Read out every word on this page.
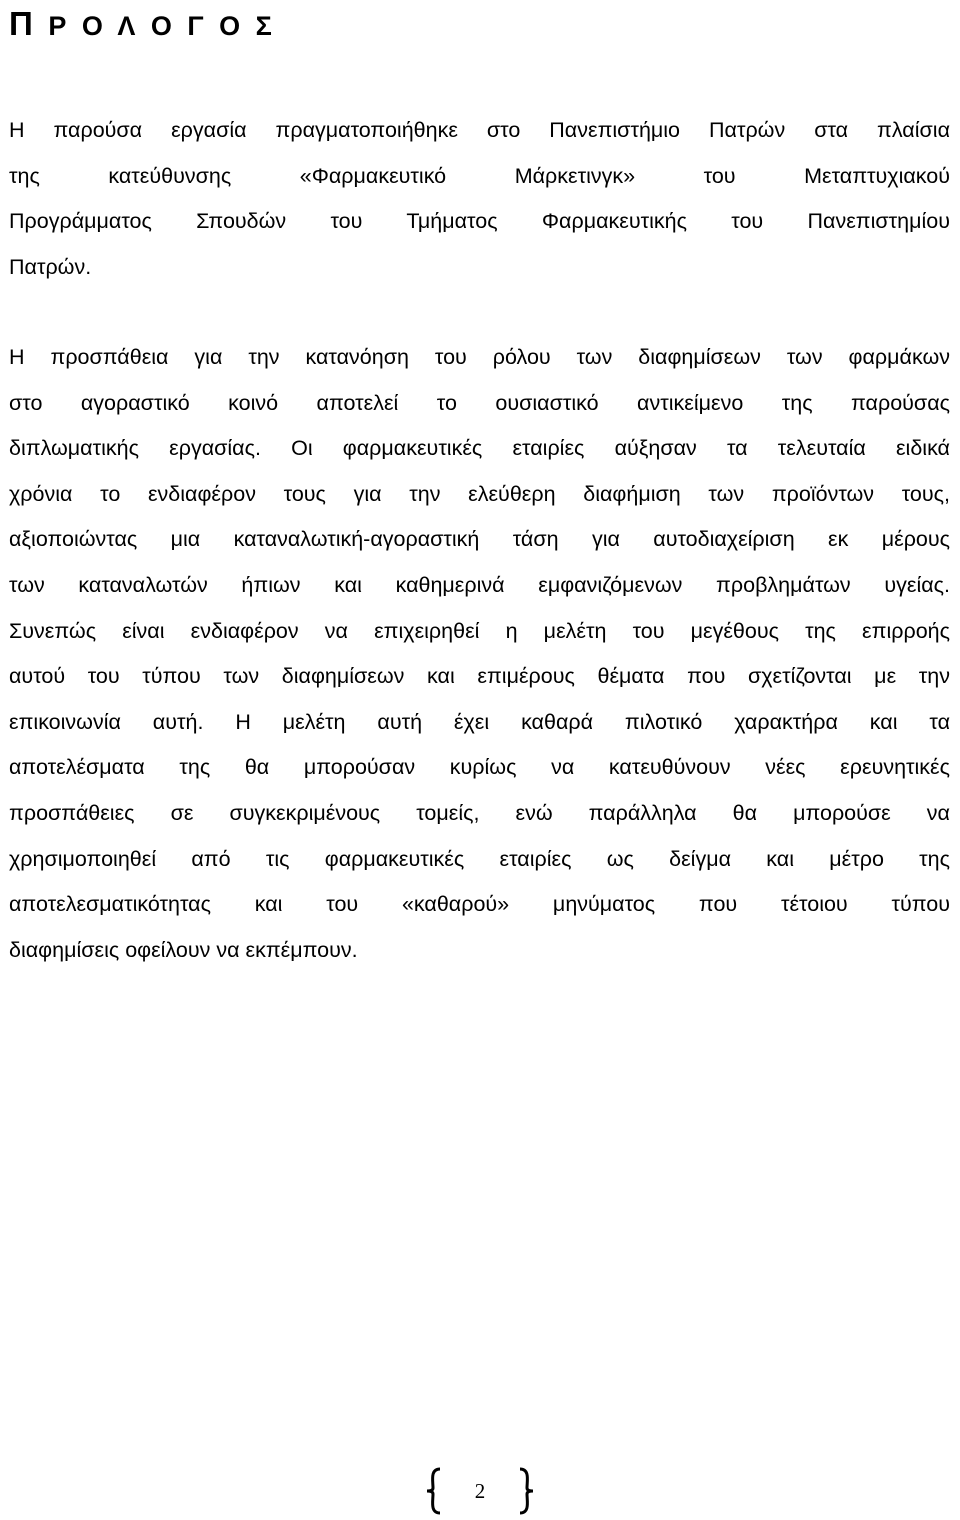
Π Ρ Ο Λ Ο Γ Ο Σ
Η παρούσα εργασία πραγματοποιήθηκε στο Πανεπιστήμιο Πατρών στα πλαίσια
της κατεύθυνσης «Φαρμακευτικό Μάρκετινγκ» του Μεταπτυχιακού
Προγράμματος Σπουδών του Τμήματος Φαρμακευτικής του Πανεπιστημίου
Πατρών.
Η προσπάθεια για την κατανόηση του ρόλου των διαφημίσεων των φαρμάκων
στο αγοραστικό κοινό αποτελεί το ουσιαστικό αντικείμενο της παρούσας
διπλωματικής εργασίας. Οι φαρμακευτικές εταιρίες αύξησαν τα τελευταία ειδικά
χρόνια το ενδιαφέρον τους για την ελεύθερη διαφήμιση των προϊόντων τους,
αξιοποιώντας μια καταναλωτική-αγοραστική τάση για αυτοδιαχείριση εκ μέρους
των καταναλωτών ήπιων και καθημερινά εμφανιζόμενων προβλημάτων υγείας.
Συνεπώς είναι ενδιαφέρον να επιχειρηθεί η μελέτη του μεγέθους της επιρροής
αυτού του τύπου των διαφημίσεων και επιμέρους θέματα που σχετίζονται με την
επικοινωνία αυτή. Η μελέτη αυτή έχει καθαρά πιλοτικό χαρακτήρα και τα
αποτελέσματα της θα μπορούσαν κυρίως να κατευθύνουν νέες ερευνητικές
προσπάθειες σε συγκεκριμένους τομείς, ενώ παράλληλα θα μπορούσε να
χρησιμοποιηθεί από τις φαρμακευτικές εταιρίες ως δείγμα και μέτρο της
αποτελεσματικότητας και του «καθαρού» μηνύματος που τέτοιου τύπου
διαφημίσεις οφείλουν να εκπέμπουν.
2
